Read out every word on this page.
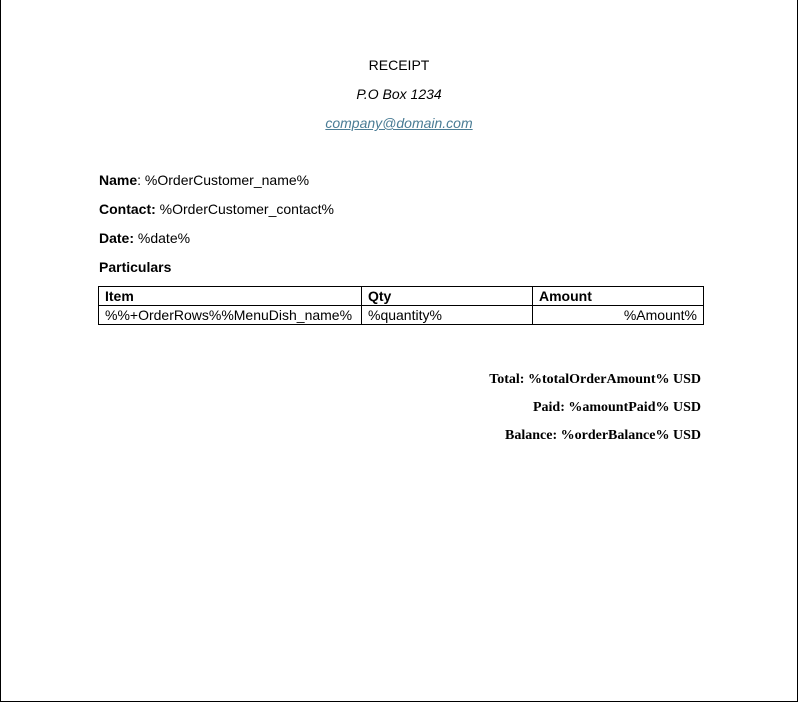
RECEIPT
P.O Box 1234
company@domain.com
Name: %OrderCustomer_name%
Contact: %OrderCustomer_contact%
Date: %date%
Particulars
Item	Qty	Amount
%%+OrderRows%%MenuDish_name%	%quantity%	%Amount%
Total: %totalOrderAmount% USD
Paid: %amountPaid% USD
Balance: %orderBalance% USD
